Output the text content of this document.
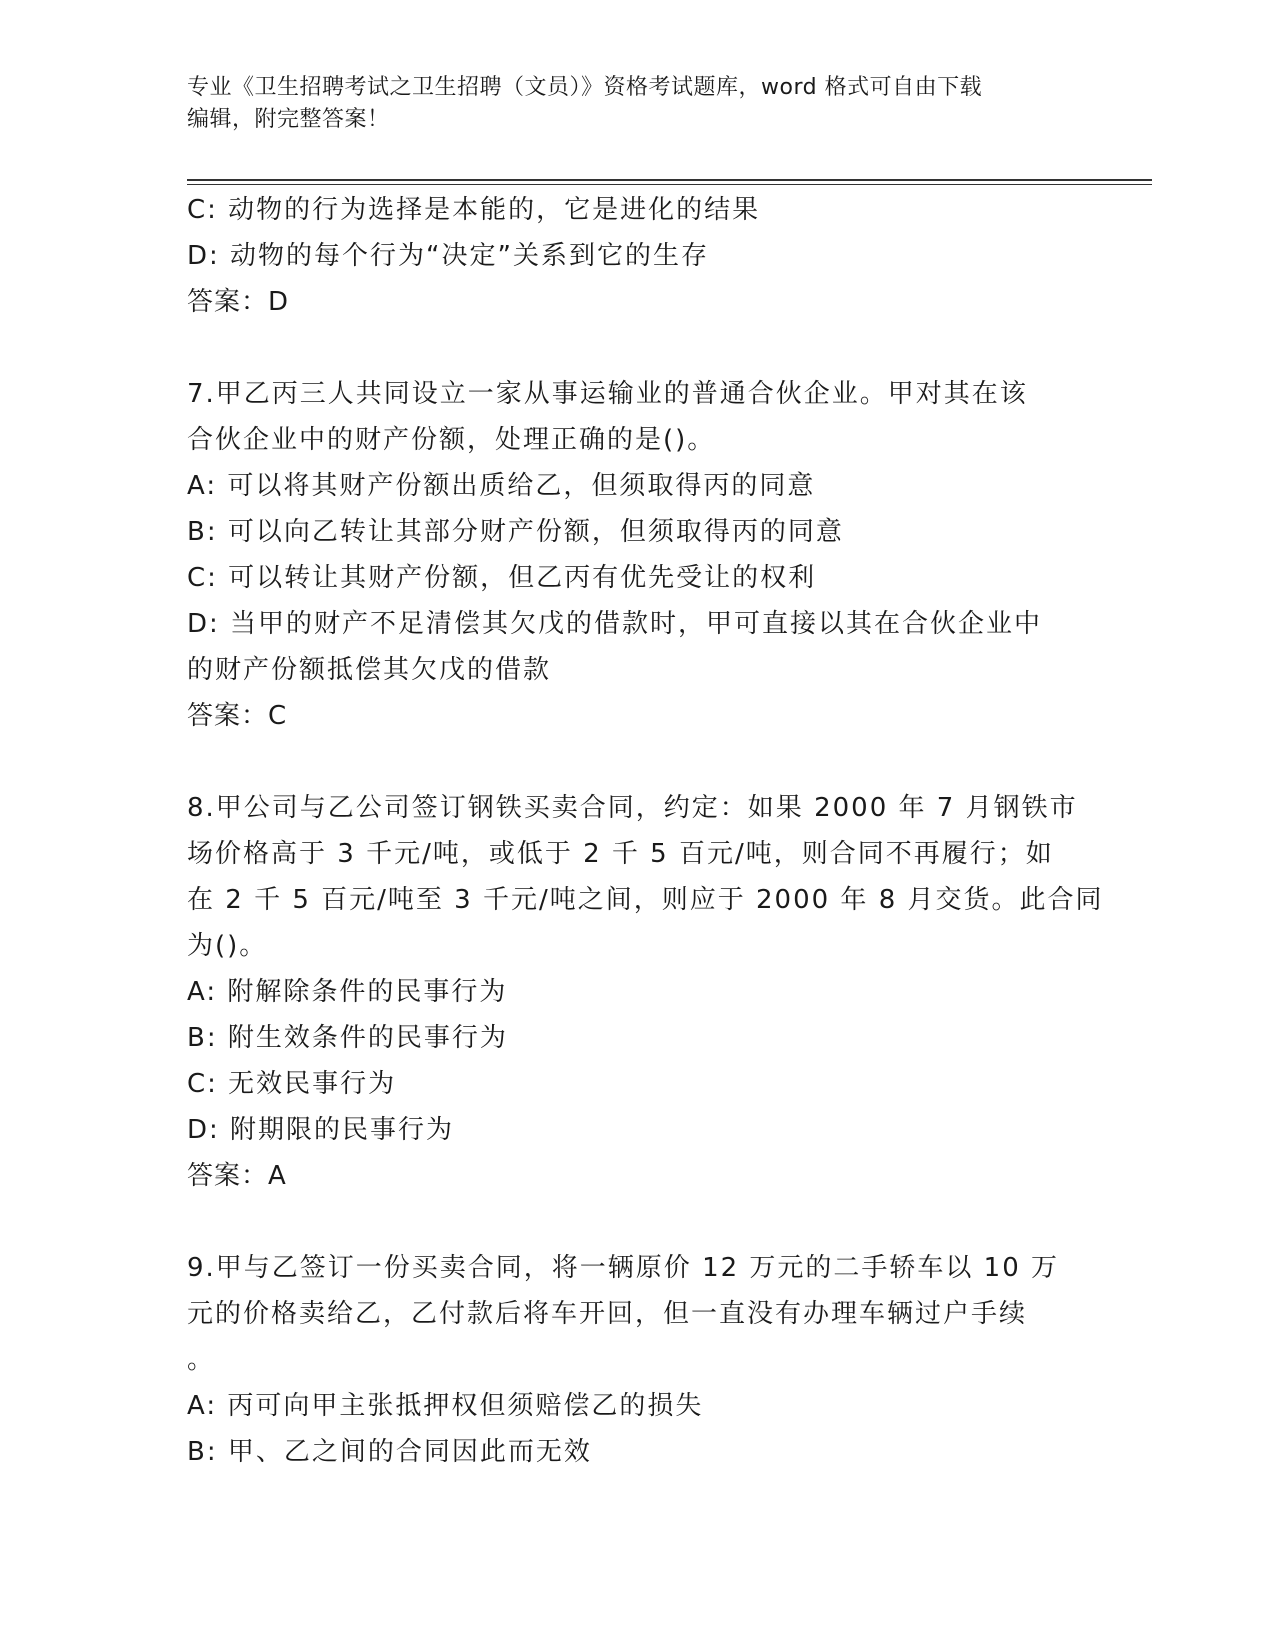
专业《卫生招聘考试之卫生招聘（文员）》资格考试题库，word 格式可自由下载
编辑，附完整答案！
C: 动物的行为选择是本能的，它是进化的结果
D: 动物的每个行为“决定”关系到它的生存
答案：D
7.甲乙丙三人共同设立一家从事运输业的普通合伙企业。甲对其在该
合伙企业中的财产份额，处理正确的是()。
A: 可以将其财产份额出质给乙，但须取得丙的同意
B: 可以向乙转让其部分财产份额，但须取得丙的同意
C: 可以转让其财产份额，但乙丙有优先受让的权利
D: 当甲的财产不足清偿其欠戊的借款时，甲可直接以其在合伙企业中
的财产份额抵偿其欠戊的借款
答案：C
8.甲公司与乙公司签订钢铁买卖合同，约定：如果 2000 年 7 月钢铁市
场价格高于 3 千元/吨，或低于 2 千 5 百元/吨，则合同不再履行；如
在 2 千 5 百元/吨至 3 千元/吨之间，则应于 2000 年 8 月交货。此合同
为()。
A: 附解除条件的民事行为
B: 附生效条件的民事行为
C: 无效民事行为
D: 附期限的民事行为
答案：A
9.甲与乙签订一份买卖合同，将一辆原价 12 万元的二手轿车以 10 万
元的价格卖给乙，乙付款后将车开回，但一直没有办理车辆过户手续
。
A: 丙可向甲主张抵押权但须赔偿乙的损失
B: 甲、乙之间的合同因此而无效
